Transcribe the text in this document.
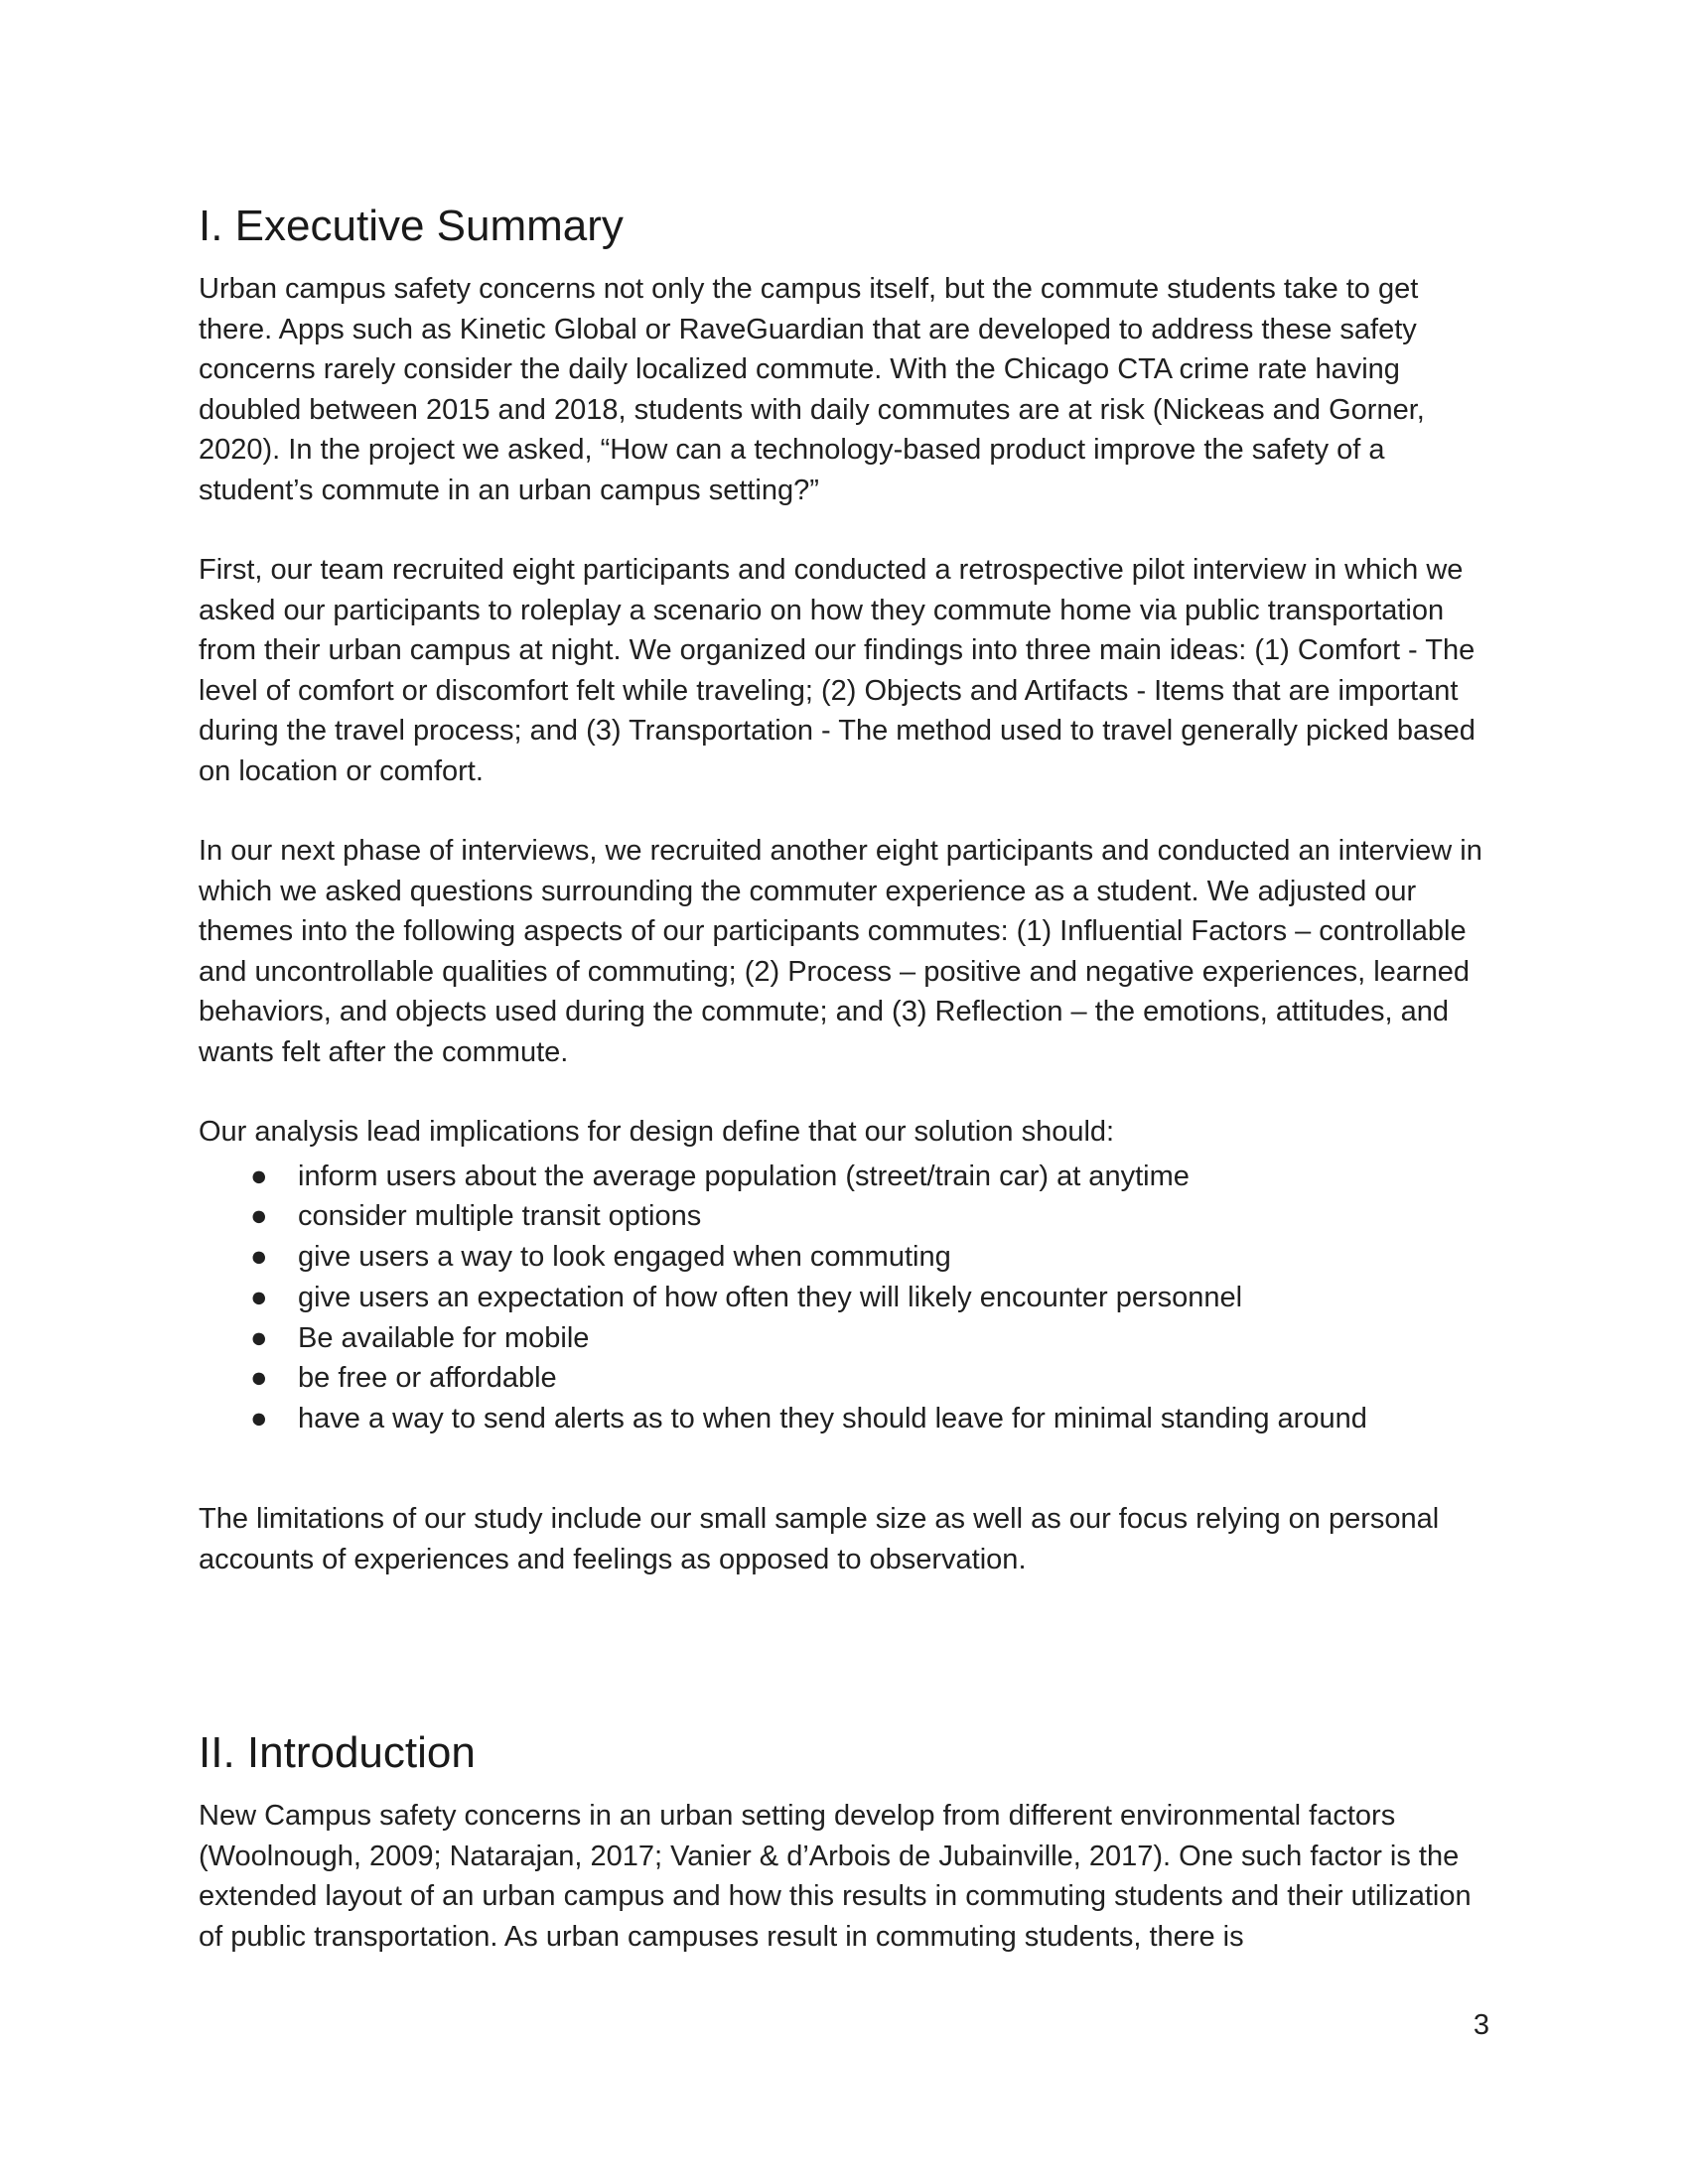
I. Executive Summary

Urban campus safety concerns not only the campus itself, but the commute students take to get there. Apps such as Kinetic Global or RaveGuardian that are developed to address these safety concerns rarely consider the daily localized commute. With the Chicago CTA crime rate having doubled between 2015 and 2018, students with daily commutes are at risk (Nickeas and Gorner, 2020). In the project we asked, “How can a technology-based product improve the safety of a student’s commute in an urban campus setting?”

First, our team recruited eight participants and conducted a retrospective pilot interview in which we asked our participants to roleplay a scenario on how they commute home via public transportation from their urban campus at night. We organized our findings into three main ideas: (1) Comfort - The level of comfort or discomfort felt while traveling; (2) Objects and Artifacts - Items that are important during the travel process; and (3) Transportation - The method used to travel generally picked based on location or comfort.

In our next phase of interviews, we recruited another eight participants and conducted an interview in which we asked questions surrounding the commuter experience as a student. We adjusted our themes into the following aspects of our participants commutes: (1) Influential Factors – controllable and uncontrollable qualities of commuting; (2) Process – positive and negative experiences, learned behaviors, and objects used during the commute; and (3) Reflection – the emotions, attitudes, and wants felt after the commute.

Our analysis lead implications for design define that our solution should:

● inform users about the average population (street/train car) at anytime
● consider multiple transit options
● give users a way to look engaged when commuting
● give users an expectation of how often they will likely encounter personnel
● Be available for mobile
● be free or affordable
● have a way to send alerts as to when they should leave for minimal standing around

The limitations of our study include our small sample size as well as our focus relying on personal accounts of experiences and feelings as opposed to observation.

II. Introduction

New Campus safety concerns in an urban setting develop from different environmental factors (Woolnough, 2009; Natarajan, 2017; Vanier & d’Arbois de Jubainville, 2017). One such factor is the extended layout of an urban campus and how this results in commuting students and their utilization of public transportation. As urban campuses result in commuting students, there is

3
